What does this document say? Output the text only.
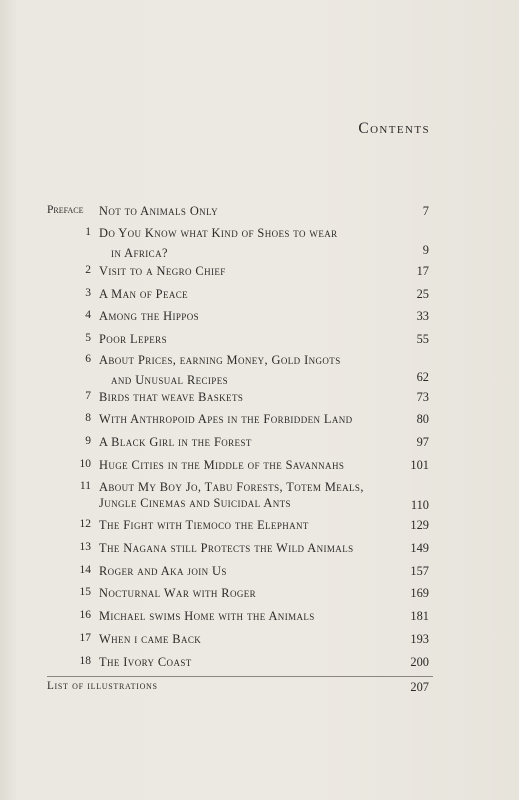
Contents
Preface	Not to Animals Only	7
1 Do You Know what Kind of Shoes to wear
in Africa?	9
2 Visit to a Negro Chief	17
3 A Man of Peace	25
4 Among the Hippos	33
5 Poor Lepers	55
6 About Prices, earning Money, Gold Ingots
and Unusual Recipes	62
7 Birds that weave Baskets	73
8 With Anthropoid Apes in the Forbidden Land	80
9 A Black Girl in the Forest	97
10 Huge Cities in the Middle of the Savannahs	101
11 About My Boy Jo, Tabu Forests, Totem Meals,
Jungle Cinemas and Suicidal Ants	110
12 The Fight with Tiemoco the Elephant	129
13 The Nagana still Protects the Wild Animals	149
14 Roger and Aka join Us	157
15 Nocturnal War with Roger	169
16 Michael swims Home with the Animals	181
17 When i came Back	193
18 The Ivory Coast	200
List of illustrations	207
